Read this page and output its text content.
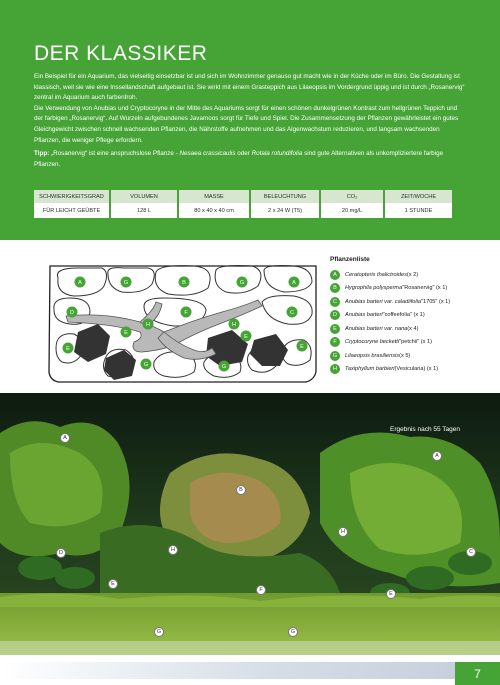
DER KLASSIKER

Ein Beispiel für ein Aquarium, das vielseitig einsetzbar ist und sich im Wohnzimmer genauso gut macht wie in der Küche oder im Büro. Die Gestaltung ist klassisch, weil sie wie eine Inssellandschaft aufgebaut ist. Sie wirkt mit einem Grasteppich aus Lilaeopsis im Vordergrund üppig und ist durch „Rosanervig“ zentral im Aquarium auch farbenfroh.

Die Verwendung von Anubias und Cryptocoryne in der Mitte des Aquariums sorgt für einen schönen dunkelgrünen Kontrast zum hellgrünen Teppich und der farbigen „Rosanervig“. Auf Wurzeln aufgebundenes Javamoos sorgt für Tiefe und Spiel. Die Zusammensetzung der Pflanzen gewährleistet ein gutes Gleichgewicht zwischen schnell wachsenden Pflanzen, die Nährstoffe aufnehmen und das Algenwachstum reduzieren, und langsam wachsenden Pflanzen, die weniger Pflege erfordern.

Tipp: „Rosanervig“ ist eine anspruchslose Pflanze - Nesaea crassicaulis oder Rotala rotundifolia sind gute Alternativen als unkompliziertere farbige Pflanzen.

SCHWIERIGKEITSGRAD	VOLUMEN	MASSE	BELEUCHTUNG	CO₂	ZEIT/WOCHE
FÜR LEICHT GEÜBTE	128 L	80 x 40 x 40 cm	2 x 24 W (T5)	20 mg/L	1 STUNDE
A	G	B	G	A
D	F	C
H	H
E
E
E
E
G	G
Pflanzenliste
A	Ceratopteris thalictroides (x 2)
B	Hygrophila polysperma "Rosanervig" (x 1)
C	Anubias barteri var. caladiifolia "1705" (x 1)
D	Anubias barteri "coffeefolia" (x 1)
E	Anubias barteri var. nana (x 4)
F	Cryptocoryne becketti "petchii" (x 1)
G	Lilaeopsis brasiliensis (x 5)
H	Taxiphyllum barbieri (Vesicularia) (x 1)
Ergebnis nach 55 Tagen
A
A
B
H
D	H	C
E
F
E
G	G
7
